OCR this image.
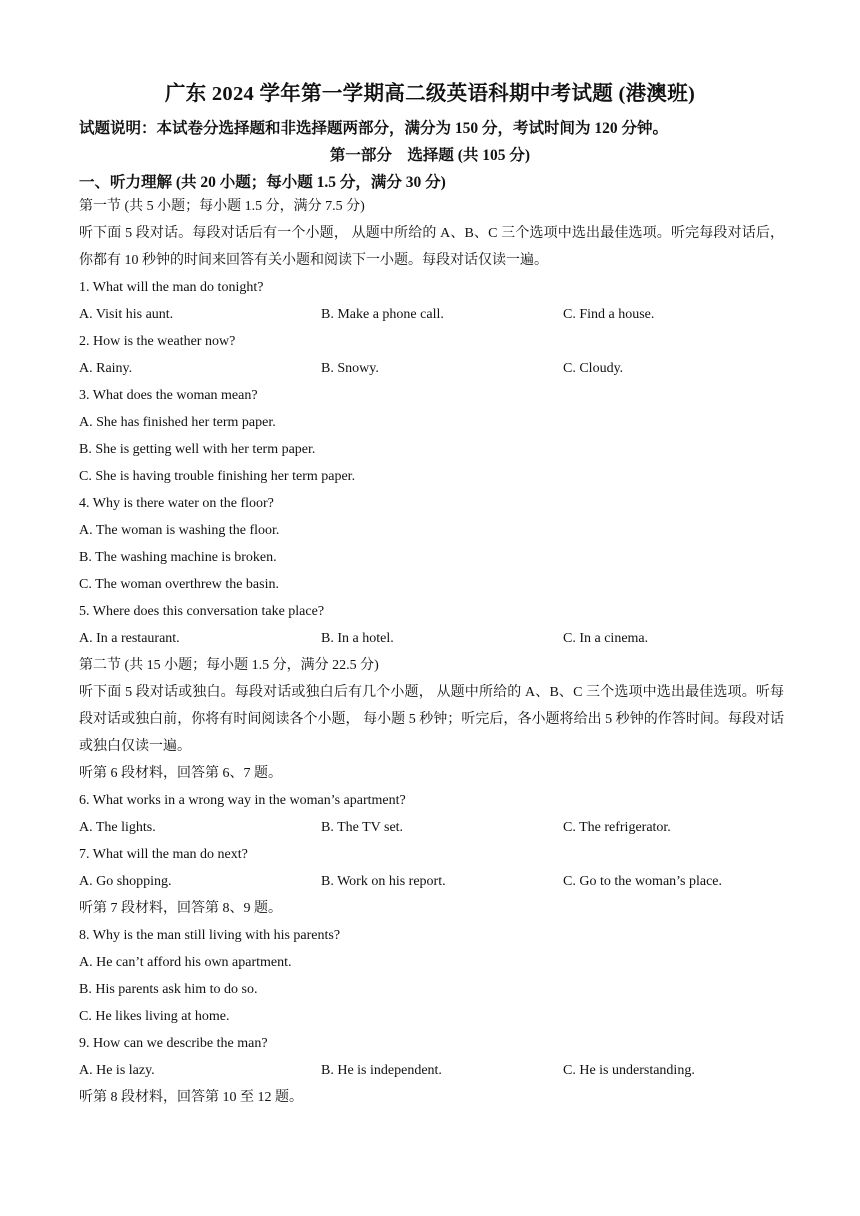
广东 2024 学年第一学期高二级英语科期中考试题 (港澳班)
试题说明：本试卷分选择题和非选择题两部分，满分为 150 分，考试时间为 120 分钟。
第一部分　选择题 (共 105 分)
一、听力理解 (共 20 小题；每小题 1.5 分，满分 30 分)
第一节 (共 5 小题；每小题 1.5 分，满分 7.5 分)
听下面 5 段对话。每段对话后有一个小题， 从题中所给的 A、B、C 三个选项中选出最佳选项。听完每段对话后，你都有 10 秒钟的时间来回答有关小题和阅读下一小题。每段对话仅读一遍。
1. What will the man do tonight?
A. Visit his aunt.	B. Make a phone call.	C. Find a house.
2. How is the weather now?
A. Rainy.	B. Snowy.	C. Cloudy.
3. What does the woman mean?
A. She has finished her term paper.
B. She is getting well with her term paper.
C. She is having trouble finishing her term paper.
4. Why is there water on the floor?
A. The woman is washing the floor.
B. The washing machine is broken.
C. The woman overthrew the basin.
5. Where does this conversation take place?
A. In a restaurant.	B. In a hotel.	C. In a cinema.
第二节 (共 15 小题；每小题 1.5 分，满分 22.5 分)
听下面 5 段对话或独白。每段对话或独白后有几个小题， 从题中所给的 A、B、C 三个选项中选出最佳选项。听每段对话或独白前，你将有时间阅读各个小题， 每小题 5 秒钟；听完后，各小题将给出 5 秒钟的作答时间。每段对话或独白仅读一遍。
听第 6 段材料，回答第 6、7 题。
6. What works in a wrong way in the woman’s apartment?
A. The lights.	B. The TV set.	C. The refrigerator.
7. What will the man do next?
A. Go shopping.	B. Work on his report.	C. Go to the woman’s place.
听第 7 段材料，回答第 8、9 题。
8. Why is the man still living with his parents?
A. He can’t afford his own apartment.
B. His parents ask him to do so.
C. He likes living at home.
9. How can we describe the man?
A. He is lazy.	B. He is independent.	C. He is understanding.
听第 8 段材料，回答第 10 至 12 题。
